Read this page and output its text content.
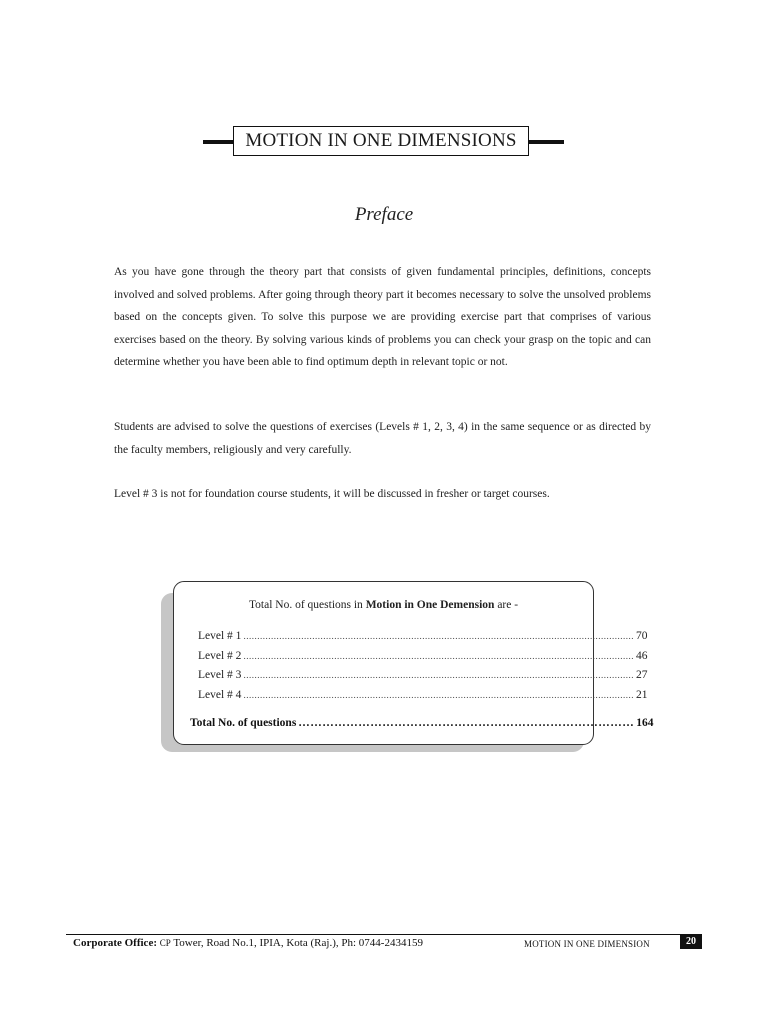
MOTION IN ONE DIMENSIONS
Preface

As you have gone through the theory part that consists of given fundamental principles, definitions, concepts involved and solved problems. After going through theory part it becomes necessary to solve the unsolved problems based on the concepts given. To solve this purpose we are providing exercise part that comprises of various exercises based on the theory. By solving various kinds of problems you can check your grasp on the topic and can determine whether you have been able to find optimum depth in relevant topic or not.

Students are advised to solve the questions of exercises (Levels # 1, 2, 3, 4) in the same sequence or as directed by the faculty members, religiously and very carefully.

Level # 3 is not for foundation course students, it will be discussed in fresher or target courses.

Total No. of questions in Motion in One Demension are -
Level # 1 .............................................................................................................................................. 70
Level # 2 .............................................................................................................................................. 46
Level # 3 .............................................................................................................................................. 27
Level # 4 .............................................................................................................................................. 21
Total No. of questions ………………………………………………………………………… 164
Corporate Office: CP Tower, Road No.1, IPIA, Kota (Raj.), Ph: 0744-2434159	MOTION IN ONE DIMENSION	20
